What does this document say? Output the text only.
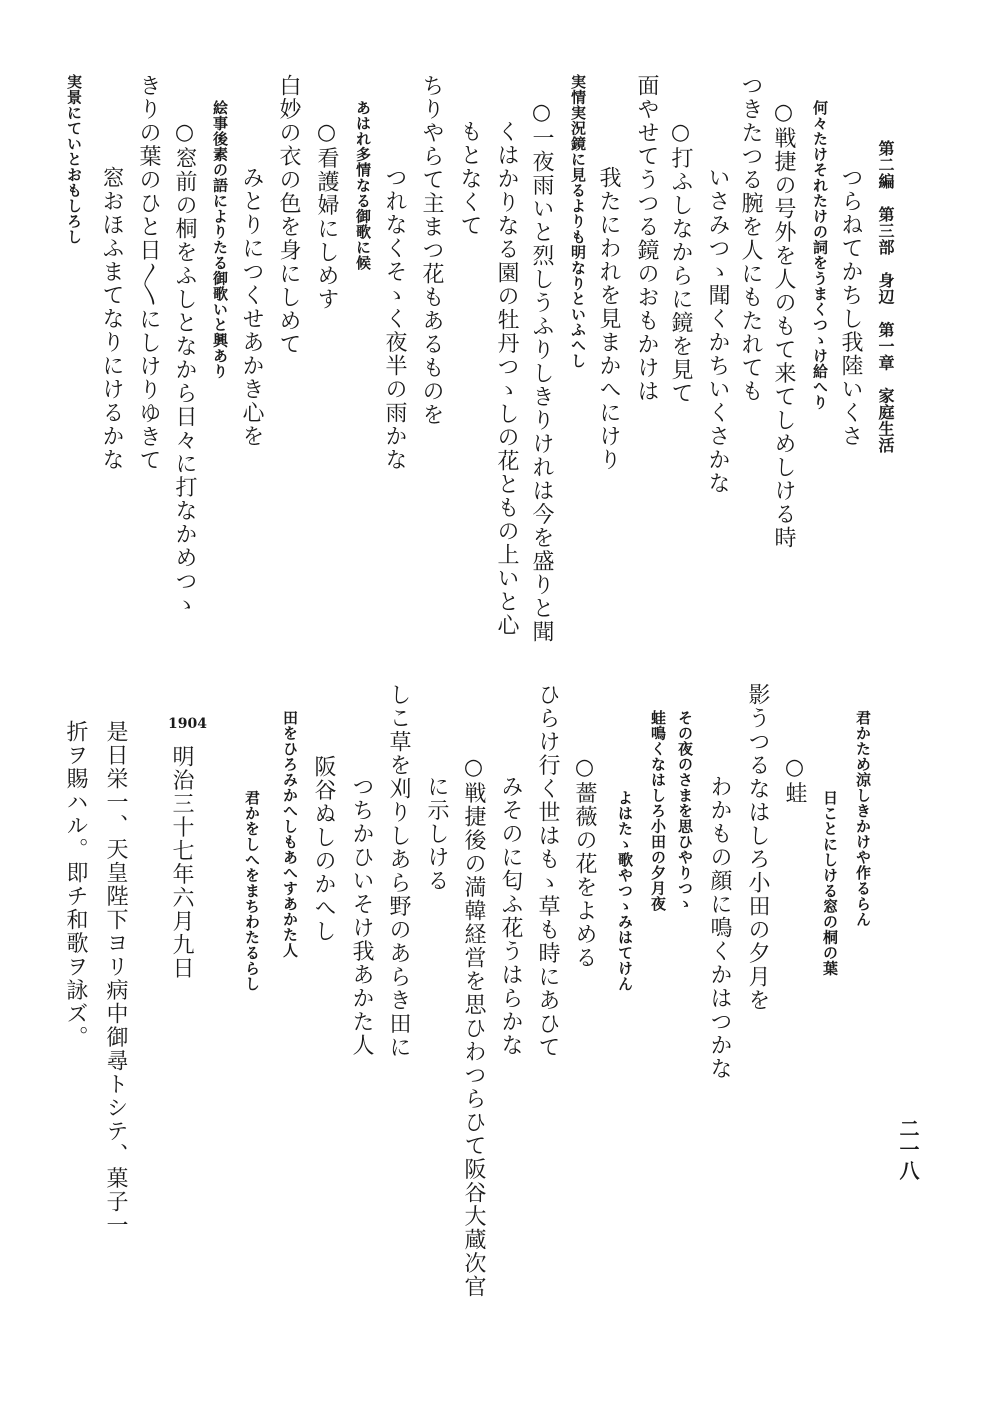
第二編　第三部　身辺　第一章　家庭生活
つらねてかちし我陸いくさ
何々たけそれたけの詞をうまくつゝけ給へり
○戦捷の号外を人のもて来てしめしける時
つきたつる腕を人にもたれても
いさみつゝ聞くかちいくさかな
○打ふしなからに鏡を見て
面やせてうつる鏡のおもかけは
我たにわれを見まかへにけり
実情実況鏡に見るよりも明なりといふへし
○一夜雨いと烈しうふりしきりけれは今を盛りと聞
くはかりなる園の牡丹つゝしの花ともの上いと心
もとなくて
ちりやらて主まつ花もあるものを
つれなくそゝく夜半の雨かな
あはれ多情なる御歌に候
○看護婦にしめす
白妙の衣の色を身にしめて
みとりにつくせあかき心を
絵事後素の語によりたる御歌いと興あり
○窓前の桐をふしとなから日々に打なかめつゝ
きりの葉のひと日〳〵にしけりゆきて
窓おほふまてなりにけるかな
実景にていとおもしろし
君かため涼しきかけや作るらん
日ことにしける窓の桐の葉
○蛙
影うつるなはしろ小田の夕月を
わかもの顔に鳴くかはつかな
その夜のさまを思ひやりつゝ
蛙鳴くなはしろ小田の夕月夜
よはたゝ歌やつゝみはてけん
○薔薇の花をよめる
ひらけ行く世はもゝ草も時にあひて
みそのに匂ふ花うはらかな
○戦捷後の満韓経営を思ひわつらひて阪谷大蔵次官
に示しける
しこ草を刈りしあら野のあらき田に
つちかひいそけ我あかた人
阪谷ぬしのかへし
田をひろみかへしもあへすあかた人
君かをしへをまちわたるらし
1904
明治三十七年六月九日
是日栄一、天皇陛下ヨリ病中御尋トシテ、菓子一
折ヲ賜ハル。即チ和歌ヲ詠ズ。
二一八
